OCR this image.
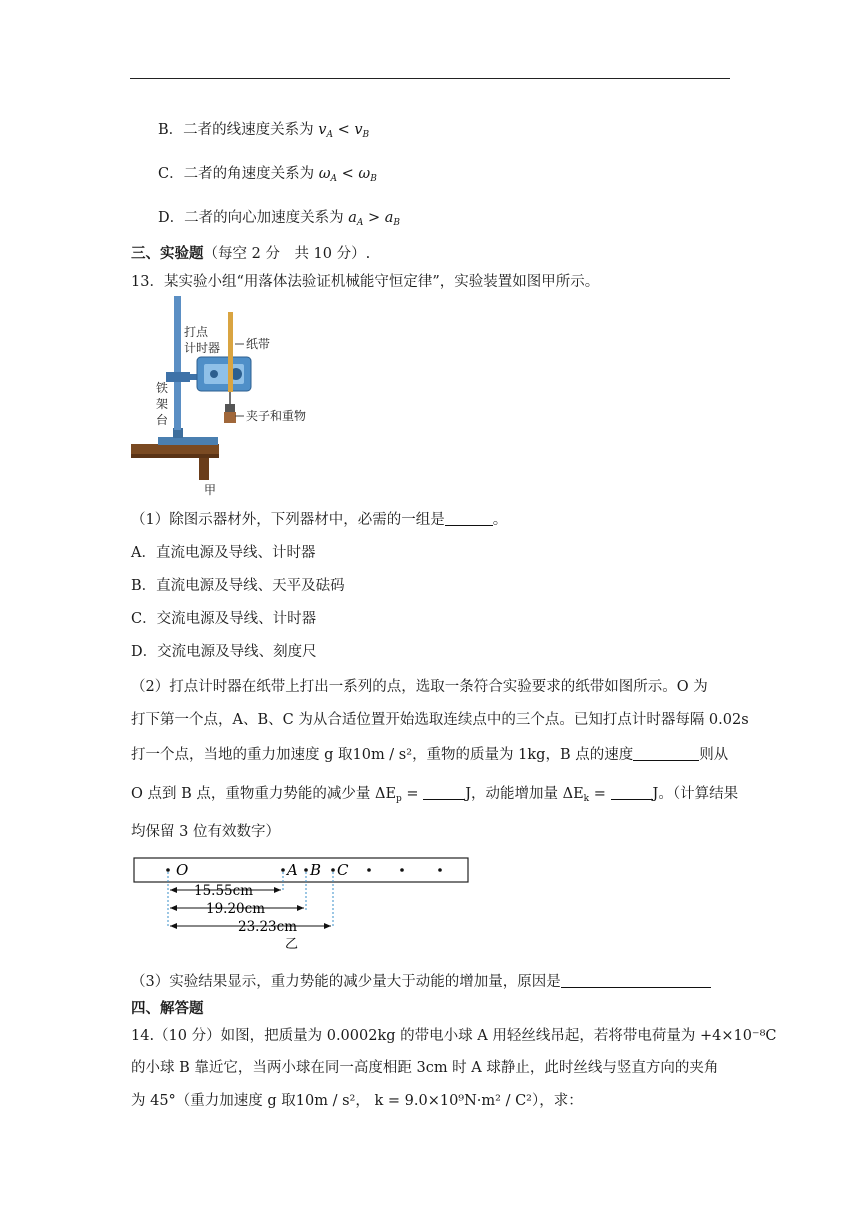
B．二者的线速度关系为 $v_A < v_B$
C．二者的角速度关系为 $\omega_A < \omega_B$
D．二者的向心加速度关系为 $a_A > a_B$
三、实验题（每空 2 分　共 10 分）.
13．某实验小组“用落体法验证机械能守恒定律”，实验装置如图甲所示。
打点
计时器 纸带
铁
架
台	夹子和重物
甲
（1）除图示器材外，下列器材中，必需的一组是	。
A．直流电源及导线、计时器
B．直流电源及导线、天平及砝码
C．交流电源及导线、计时器
D．交流电源及导线、刻度尺
（2）打点计时器在纸带上打出一系列的点，选取一条符合实验要求的纸带如图所示。O 为
打下第一个点，A、B、C 为从合适位置开始选取连续点中的三个点。已知打点计时器每隔 0.02s
打一个点，当地的重力加速度 g 取10m / s²，重物的质量为 1kg，B 点的速度	则从
O 点到 B 点，重物重力势能的减少量 $\Delta E_p$ =	J，动能增加量 $\Delta E_k$ =	J。（计算结果
均保留 3 位有效数字）
O	A B C
15.55cm
19.20cm
23.23cm
乙
（3）实验结果显示，重力势能的减少量大于动能的增加量，原因是
四、解答题
14.（10 分）如图，把质量为 0.0002kg 的带电小球 A 用轻丝线吊起，若将带电荷量为 +4×10⁻⁸C
的小球 B 靠近它，当两小球在同一高度相距 3cm 时 A 球静止，此时丝线与竖直方向的夹角
为 45°（重力加速度 g 取10m / s²， k = 9.0×10⁹N·m² / C²），求：
